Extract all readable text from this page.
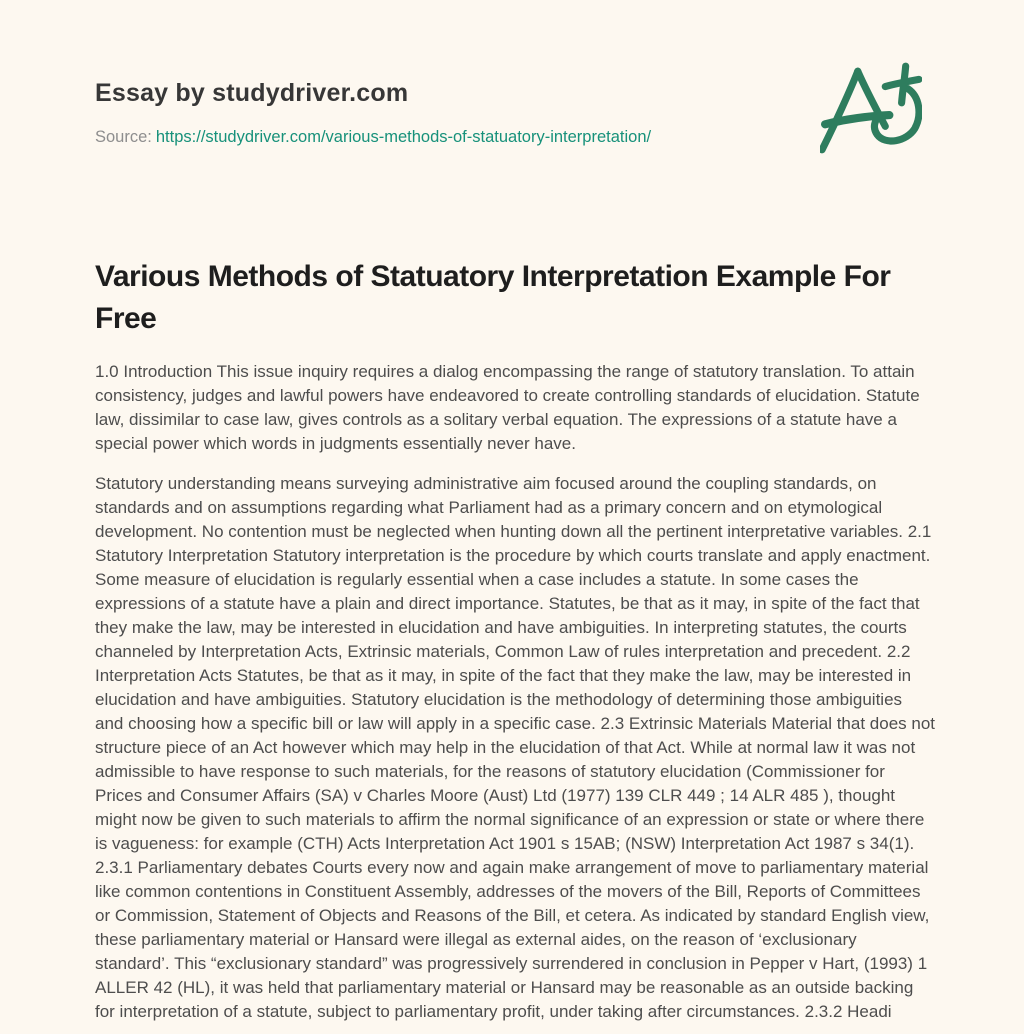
Essay by studydriver.com
Source: https://studydriver.com/various-methods-of-statuatory-interpretation/
Various Methods of Statuatory Interpretation Example For Free

1.0 Introduction This issue inquiry requires a dialog encompassing the range of statutory translation. To attain consistency, judges and lawful powers have endeavored to create controlling standards of elucidation. Statute law, dissimilar to case law, gives controls as a solitary verbal equation. The expressions of a statute have a special power which words in judgments essentially never have.

Statutory understanding means surveying administrative aim focused around the coupling standards, on standards and on assumptions regarding what Parliament had as a primary concern and on etymological development. No contention must be neglected when hunting down all the pertinent interpretative variables. 2.1 Statutory Interpretation Statutory interpretation is the procedure by which courts translate and apply enactment. Some measure of elucidation is regularly essential when a case includes a statute. In some cases the expressions of a statute have a plain and direct importance. Statutes, be that as it may, in spite of the fact that they make the law, may be interested in elucidation and have ambiguities. In interpreting statutes, the courts channeled by Interpretation Acts, Extrinsic materials, Common Law of rules interpretation and precedent. 2.2 Interpretation Acts Statutes, be that as it may, in spite of the fact that they make the law, may be interested in elucidation and have ambiguities. Statutory elucidation is the methodology of determining those ambiguities and choosing how a specific bill or law will apply in a specific case. 2.3 Extrinsic Materials Material that does not structure piece of an Act however which may help in the elucidation of that Act. While at normal law it was not admissible to have response to such materials, for the reasons of statutory elucidation (Commissioner for Prices and Consumer Affairs (SA) v Charles Moore (Aust) Ltd (1977) 139 CLR 449 ; 14 ALR 485 ), thought might now be given to such materials to affirm the normal significance of an expression or state or where there is vagueness: for example (CTH) Acts Interpretation Act 1901 s 15AB; (NSW) Interpretation Act 1987 s 34(1). 2.3.1 Parliamentary debates Courts every now and again make arrangement of move to parliamentary material like common contentions in Constituent Assembly, addresses of the movers of the Bill, Reports of Committees or Commission, Statement of Objects and Reasons of the Bill, et cetera. As indicated by standard English view, these parliamentary material or Hansard were illegal as external aides, on the reason of ‘exclusionary standard’. This “exclusionary standard” was progressively surrendered in conclusion in Pepper v Hart, (1993) 1 ALLER 42 (HL), it was held that parliamentary material or Hansard may be reasonable as an outside backing for interpretation of a statute, subject to parliamentary profit, under taking after circumstances. 2.3.2 Headi
